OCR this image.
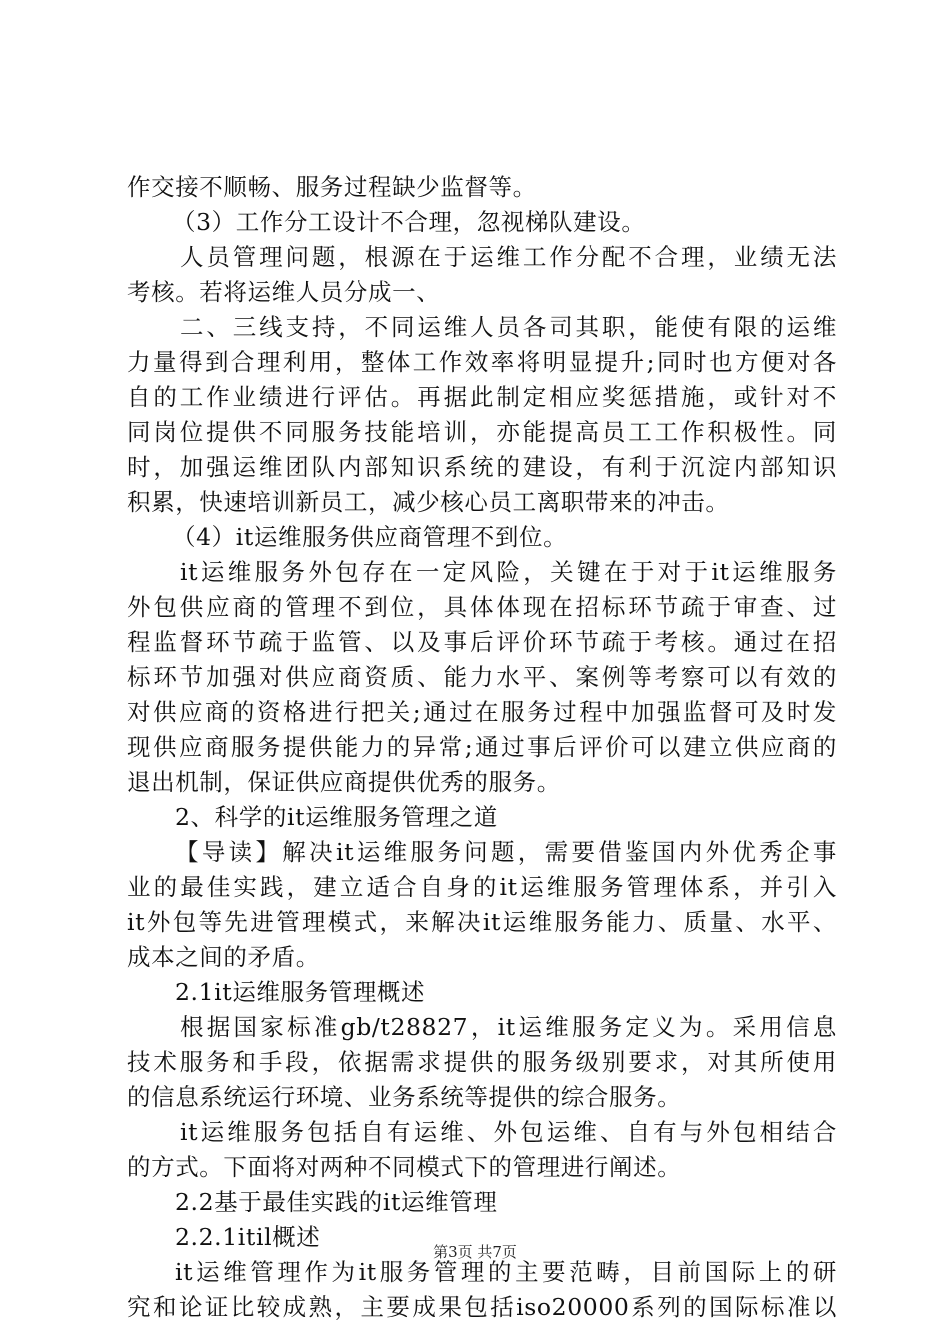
作交接不顺畅、服务过程缺少监督等。
（3）工作分工设计不合理，忽视梯队建设。
人员管理问题，根源在于运维工作分配不合理，业绩无法
考核。若将运维人员分成一、
二、三线支持，不同运维人员各司其职，能使有限的运维
力量得到合理利用，整体工作效率将明显提升;同时也方便对各
自的工作业绩进行评估。再据此制定相应奖惩措施，或针对不
同岗位提供不同服务技能培训，亦能提高员工工作积极性。同
时，加强运维团队内部知识系统的建设，有利于沉淀内部知识
积累，快速培训新员工，减少核心员工离职带来的冲击。
（4）it运维服务供应商管理不到位。
it运维服务外包存在一定风险，关键在于对于it运维服务
外包供应商的管理不到位，具体体现在招标环节疏于审查、过
程监督环节疏于监管、以及事后评价环节疏于考核。通过在招
标环节加强对供应商资质、能力水平、案例等考察可以有效的
对供应商的资格进行把关;通过在服务过程中加强监督可及时发
现供应商服务提供能力的异常;通过事后评价可以建立供应商的
退出机制，保证供应商提供优秀的服务。
2、科学的it运维服务管理之道
【导读】解决it运维服务问题，需要借鉴国内外优秀企事
业的最佳实践，建立适合自身的it运维服务管理体系，并引入
it外包等先进管理模式，来解决it运维服务能力、质量、水平、
成本之间的矛盾。
2.1it运维服务管理概述
根据国家标准gb/t28827，it运维服务定义为。采用信息
技术服务和手段，依据需求提供的服务级别要求，对其所使用
的信息系统运行环境、业务系统等提供的综合服务。
it运维服务包括自有运维、外包运维、自有与外包相结合
的方式。下面将对两种不同模式下的管理进行阐述。
2.2基于最佳实践的it运维管理
2.2.1itil概述
it运维管理作为it服务管理的主要范畴，目前国际上的研
究和论证比较成熟，主要成果包括iso20000系列的国际标准以
第3页 共7页
